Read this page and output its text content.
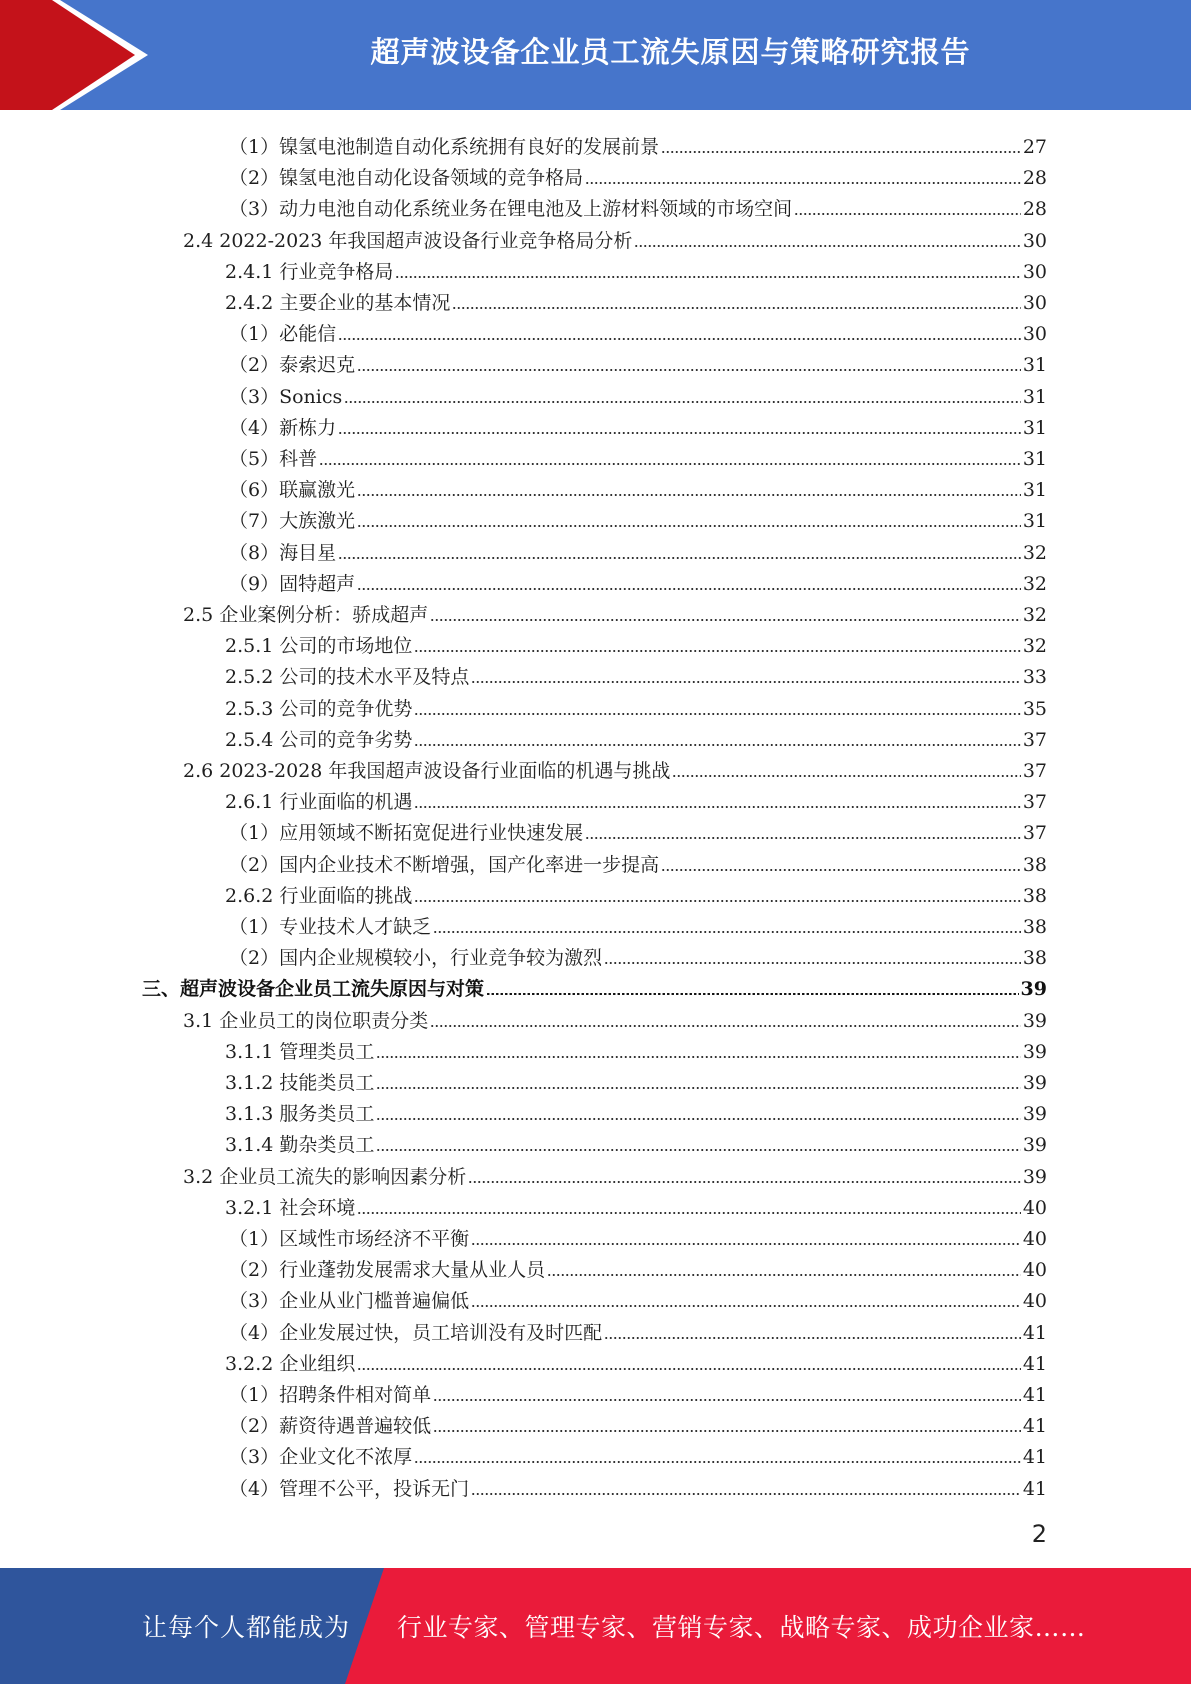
超声波设备企业员工流失原因与策略研究报告
（1）镍氢电池制造自动化系统拥有良好的发展前景	27
（2）镍氢电池自动化设备领域的竞争格局	28
（3）动力电池自动化系统业务在锂电池及上游材料领域的市场空间	28
2.4 2022-2023 年我国超声波设备行业竞争格局分析	30
2.4.1 行业竞争格局	30
2.4.2 主要企业的基本情况	30
（1）必能信	30
（2）泰索迟克	31
（3）Sonics	31
（4）新栋力	31
（5）科普	31
（6）联赢激光	31
（7）大族激光	31
（8）海目星	32
（9）固特超声	32
2.5 企业案例分析：骄成超声	32
2.5.1 公司的市场地位	32
2.5.2 公司的技术水平及特点	33
2.5.3 公司的竞争优势	35
2.5.4 公司的竞争劣势	37
2.6 2023-2028 年我国超声波设备行业面临的机遇与挑战	37
2.6.1 行业面临的机遇	37
（1）应用领域不断拓宽促进行业快速发展	37
（2）国内企业技术不断增强，国产化率进一步提高	38
2.6.2 行业面临的挑战	38
（1）专业技术人才缺乏	38
（2）国内企业规模较小，行业竞争较为激烈	38
三、超声波设备企业员工流失原因与对策	39
3.1 企业员工的岗位职责分类	39
3.1.1 管理类员工	39
3.1.2 技能类员工	39
3.1.3 服务类员工	39
3.1.4 勤杂类员工	39
3.2 企业员工流失的影响因素分析	39
3.2.1 社会环境	40
（1）区域性市场经济不平衡	40
（2）行业蓬勃发展需求大量从业人员	40
（3）企业从业门槛普遍偏低	40
（4）企业发展过快，员工培训没有及时匹配	41
3.2.2 企业组织	41
（1）招聘条件相对简单	41
（2）薪资待遇普遍较低	41
（3）企业文化不浓厚	41
（4）管理不公平，投诉无门	41
2
让每个人都能成为 行业专家、管理专家、营销专家、战略专家、成功企业家……
